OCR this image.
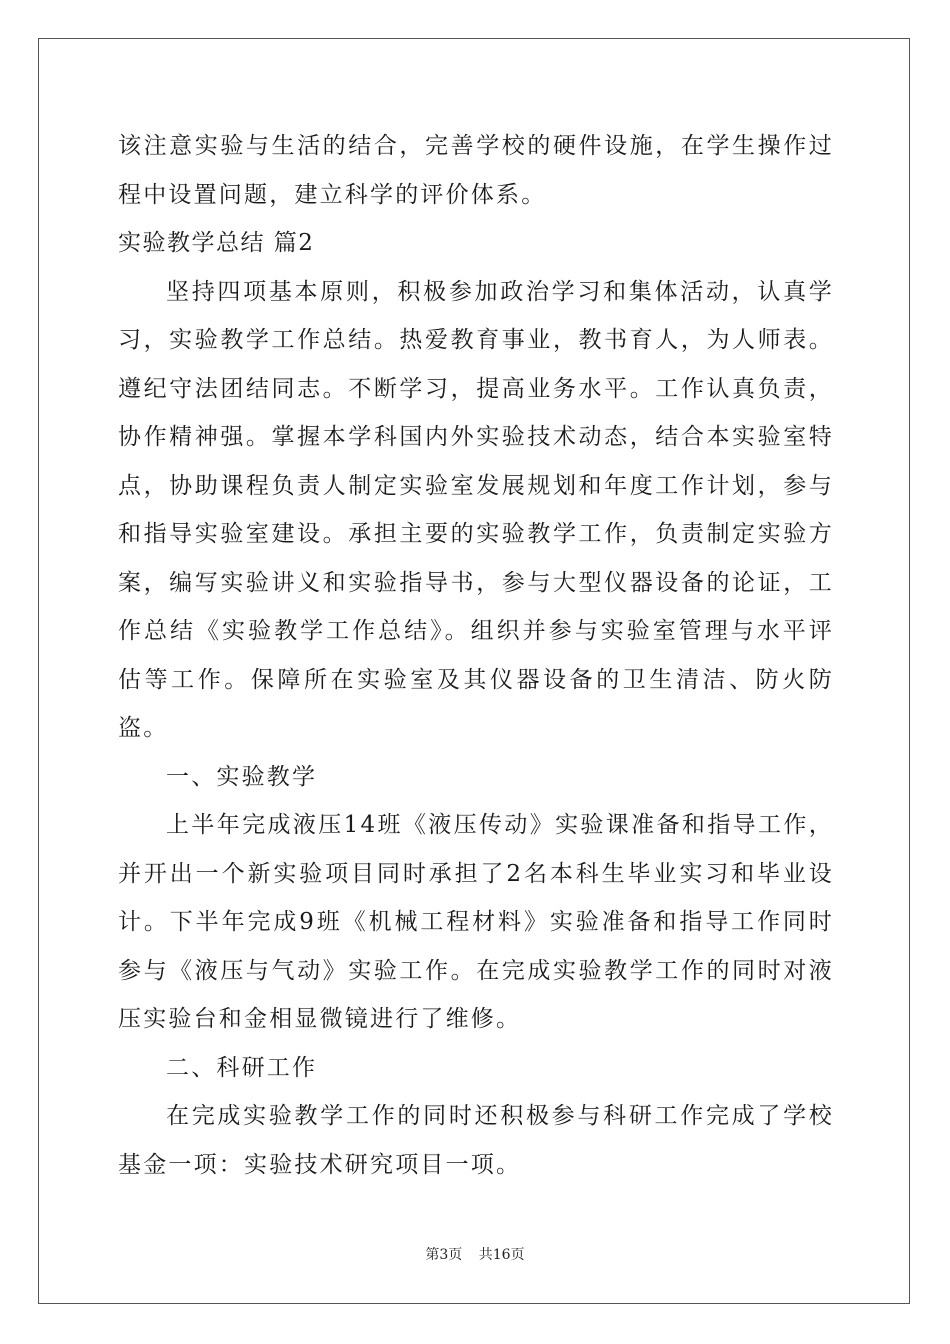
该注意实验与生活的结合，完善学校的硬件设施，在学生操作过程中设置问题，建立科学的评价体系。

实验教学总结 篇2

坚持四项基本原则，积极参加政治学习和集体活动，认真学习，实验教学工作总结。热爱教育事业，教书育人，为人师表。遵纪守法团结同志。不断学习，提高业务水平。工作认真负责，协作精神强。掌握本学科国内外实验技术动态，结合本实验室特点，协助课程负责人制定实验室发展规划和年度工作计划，参与和指导实验室建设。承担主要的实验教学工作，负责制定实验方案，编写实验讲义和实验指导书，参与大型仪器设备的论证，工作总结《实验教学工作总结》。组织并参与实验室管理与水平评估等工作。保障所在实验室及其仪器设备的卫生清洁、防火防盗。

一、实验教学

上半年完成液压14班《液压传动》实验课准备和指导工作，并开出一个新实验项目同时承担了2名本科生毕业实习和毕业设计。下半年完成9班《机械工程材料》实验准备和指导工作同时参与《液压与气动》实验工作。在完成实验教学工作的同时对液压实验台和金相显微镜进行了维修。

二、科研工作

在完成实验教学工作的同时还积极参与科研工作完成了学校基金一项：实验技术研究项目一项。

第3页 共16页
